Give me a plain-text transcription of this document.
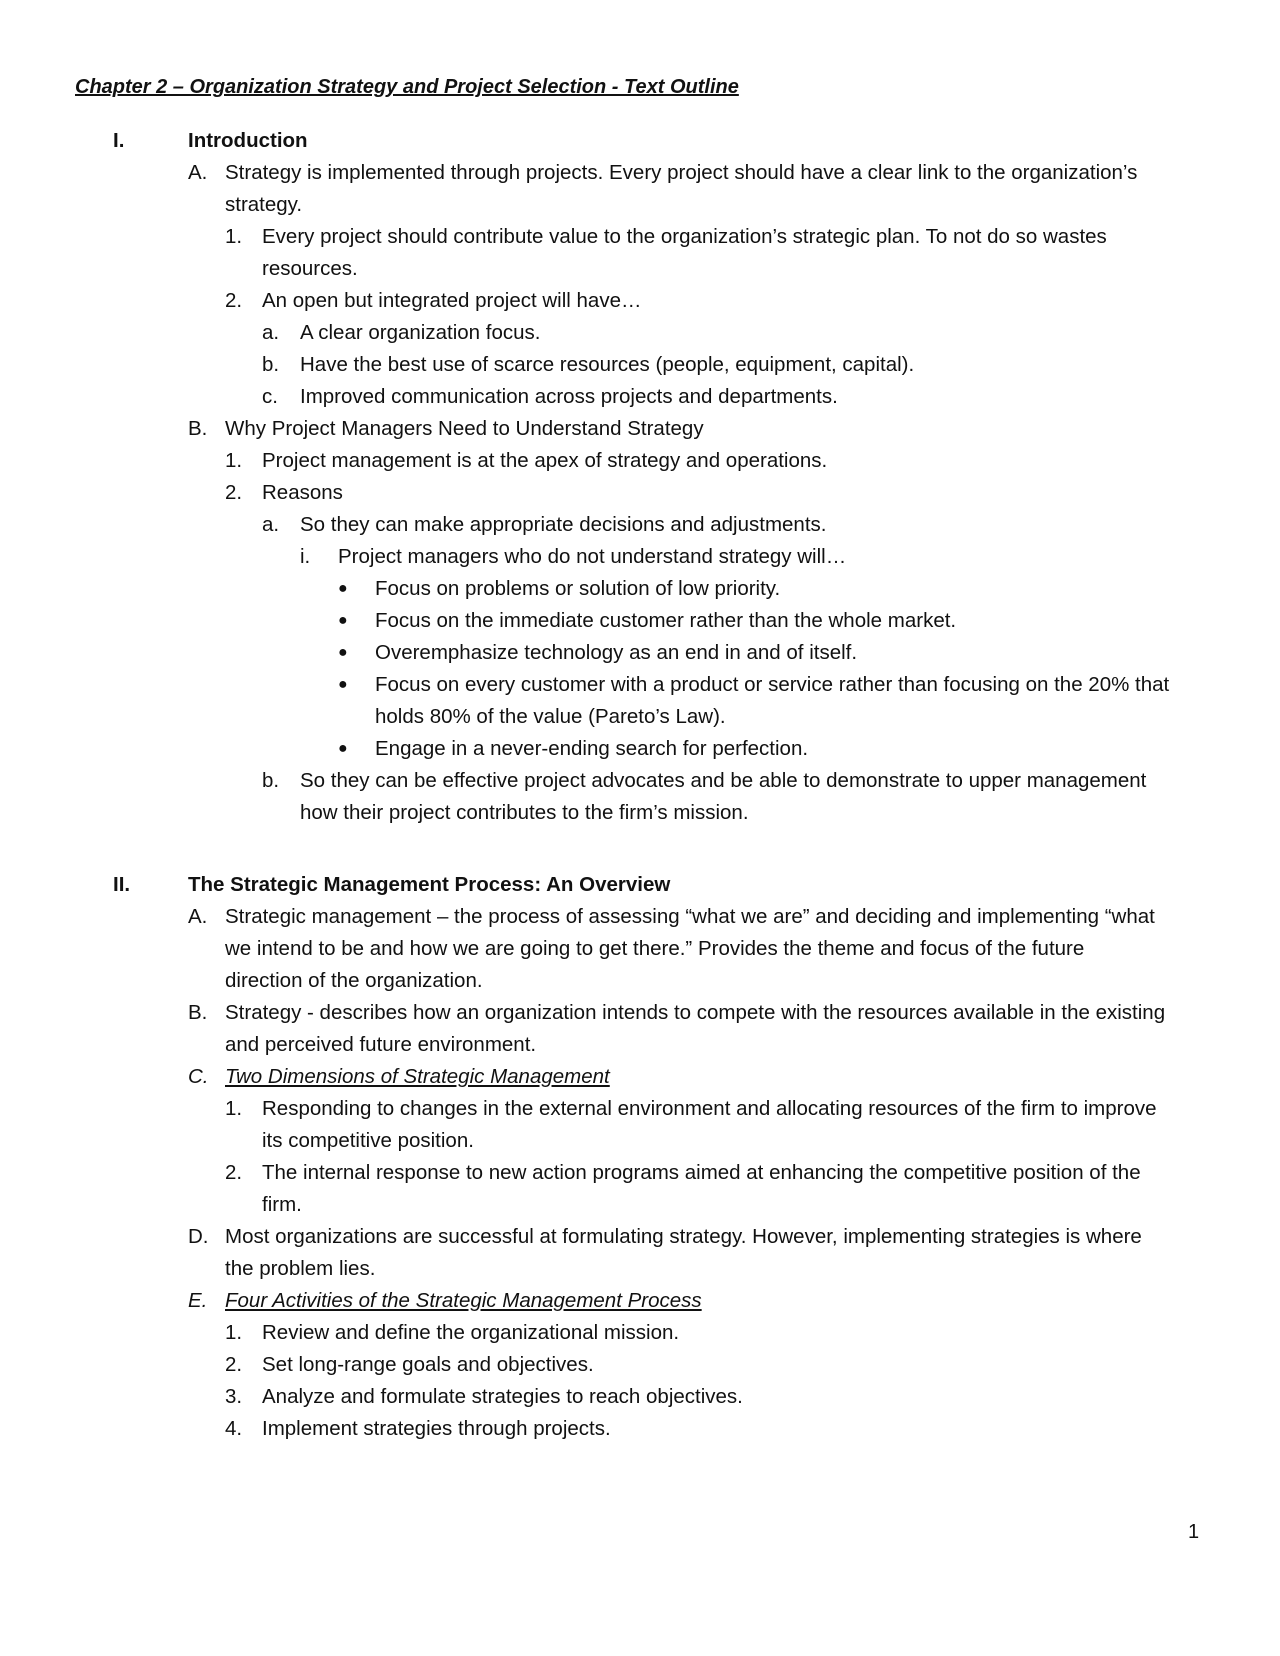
Chapter 2 – Organization Strategy and Project Selection - Text Outline
I.	Introduction
A. Strategy is implemented through projects. Every project should have a clear link to the organization’s
strategy.
1. Every project should contribute value to the organization’s strategic plan. To not do so wastes
resources.
2. An open but integrated project will have…
a. A clear organization focus.
b. Have the best use of scarce resources (people, equipment, capital).
c. Improved communication across projects and departments.
B. Why Project Managers Need to Understand Strategy
1. Project management is at the apex of strategy and operations.
2. Reasons
a. So they can make appropriate decisions and adjustments.
i. Project managers who do not understand strategy will…
● Focus on problems or solution of low priority.
● Focus on the immediate customer rather than the whole market.
● Overemphasize technology as an end in and of itself.
● Focus on every customer with a product or service rather than focusing on the 20% that
holds 80% of the value (Pareto’s Law).
● Engage in a never-ending search for perfection.
b. So they can be effective project advocates and be able to demonstrate to upper management
how their project contributes to the firm’s mission.
II.	The Strategic Management Process: An Overview
A. Strategic management – the process of assessing “what we are” and deciding and implementing “what
we intend to be and how we are going to get there.” Provides the theme and focus of the future
direction of the organization.
B. Strategy - describes how an organization intends to compete with the resources available in the existing
and perceived future environment.
C. Two Dimensions of Strategic Management
1. Responding to changes in the external environment and allocating resources of the firm to improve
its competitive position.
2. The internal response to new action programs aimed at enhancing the competitive position of the
firm.
D. Most organizations are successful at formulating strategy. However, implementing strategies is where
the problem lies.
E. Four Activities of the Strategic Management Process
1. Review and define the organizational mission.
2. Set long-range goals and objectives.
3. Analyze and formulate strategies to reach objectives.
4. Implement strategies through projects.
1
